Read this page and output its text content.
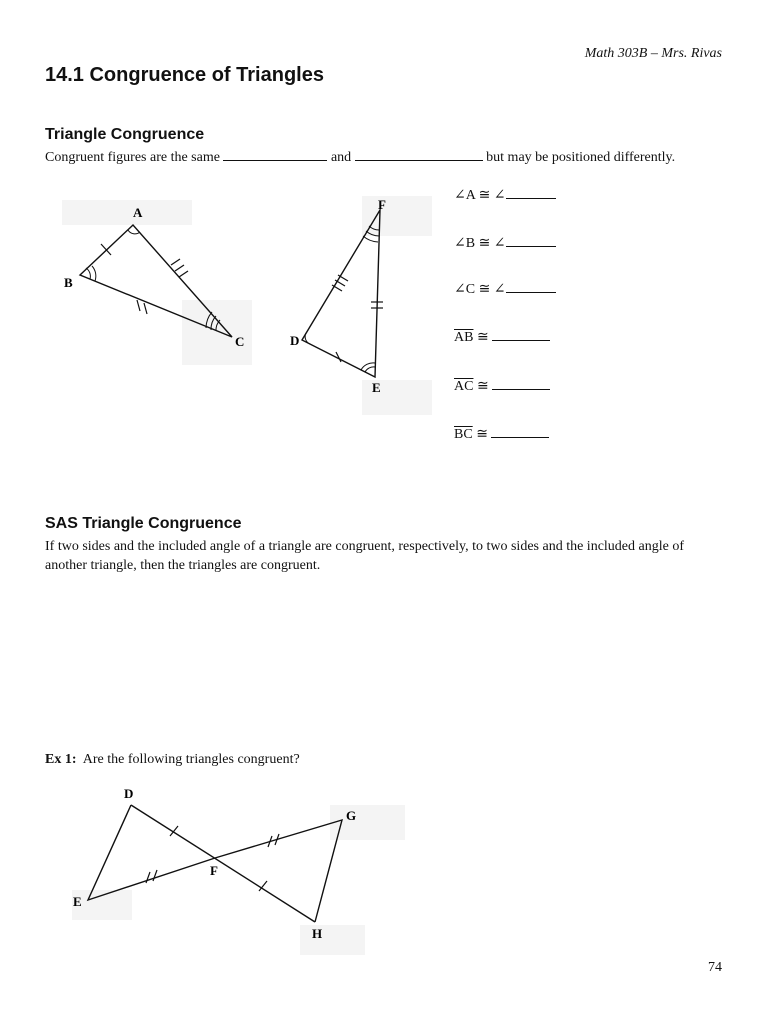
Math 303B – Mrs. Rivas
14.1 Congruence of Triangles
Triangle Congruence
Congruent figures are the same	and	but may be positioned differently.
A
B
C
F
D
E
D
E
F
G
H
∠A ≅ ∠
∠B ≅ ∠
∠C ≅ ∠
$\overline{AB}$ ≅
$\overline{AC}$ ≅
$\overline{BC}$ ≅
SAS Triangle Congruence
If two sides and the included angle of a triangle are congruent, respectively, to two sides and the included angle of another triangle, then the triangles are congruent.
Ex 1: Are the following triangles congruent?
74
